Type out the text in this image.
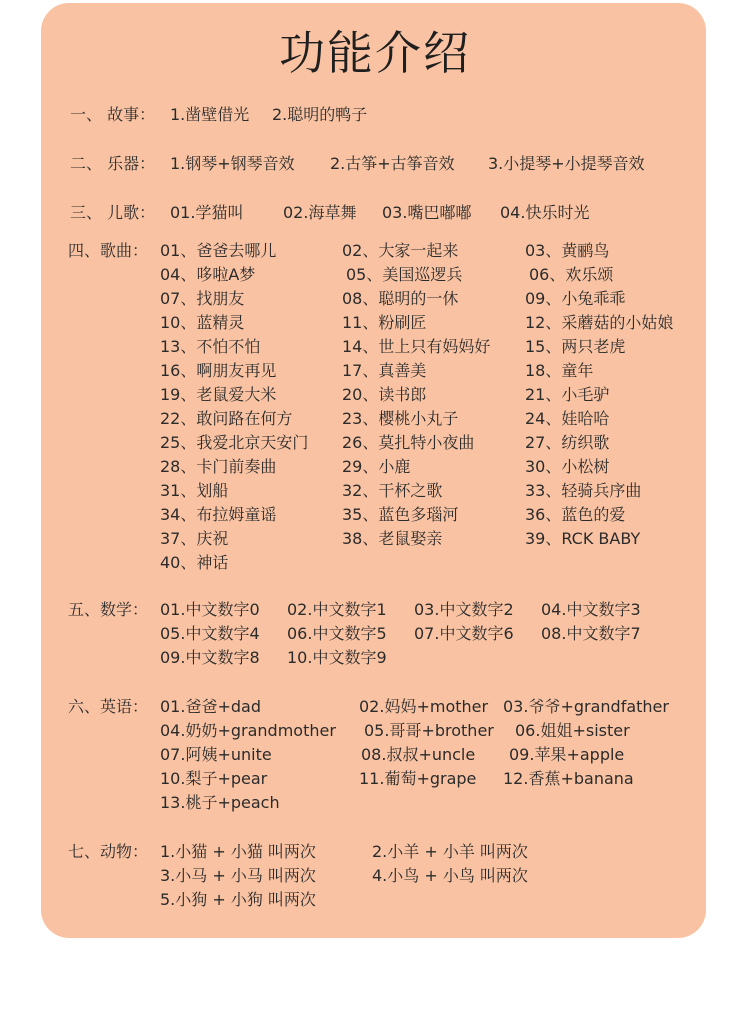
功能介绍
一、 故事： 1.凿壁借光 2.聪明的鸭子
二、 乐器： 1.钢琴+钢琴音效 2.古筝+古筝音效 3.小提琴+小提琴音效
三、 儿歌： 01.学猫叫 02.海草舞 03.嘴巴嘟嘟 04.快乐时光
四、歌曲： 01、爸爸去哪儿	02、大家一起来	03、黄鹂鸟
04、哆啦A梦	05、美国巡逻兵	06、欢乐颂
07、找朋友	08、聪明的一休	09、小兔乖乖
10、蓝精灵	11、粉刷匠	12、采蘑菇的小姑娘
13、不怕不怕	14、世上只有妈妈好 15、两只老虎
16、啊朋友再见	17、真善美	18、童年
19、老鼠爱大米	20、读书郎	21、小毛驴
22、敢问路在何方	23、樱桃小丸子	24、娃哈哈
25、我爱北京天安门 26、莫扎特小夜曲	27、纺织歌
28、卡门前奏曲	29、小鹿	30、小松树
31、划船	32、干杯之歌	33、轻骑兵序曲
34、布拉姆童谣	35、蓝色多瑙河	36、蓝色的爱
37、庆祝	38、老鼠娶亲	39、RCK BABY
40、神话
五、数学： 01.中文数字0 02.中文数字1 03.中文数字2 04.中文数字3
05.中文数字4 06.中文数字5 07.中文数字6 08.中文数字7
09.中文数字8 10.中文数字9
六、英语： 01.爸爸+dad	02.妈妈+mother 03.爷爷+grandfather
04.奶奶+grandmother 05.哥哥+brother 06.姐姐+sister
07.阿姨+unite	08.叔叔+uncle 09.苹果+apple
10.梨子+pear	11.葡萄+grape 12.香蕉+banana
13.桃子+peach
七、动物： 1.小猫 + 小猫 叫两次	2.小羊 + 小羊 叫两次
3.小马 + 小马 叫两次	4.小鸟 + 小鸟 叫两次
5.小狗 + 小狗 叫两次
